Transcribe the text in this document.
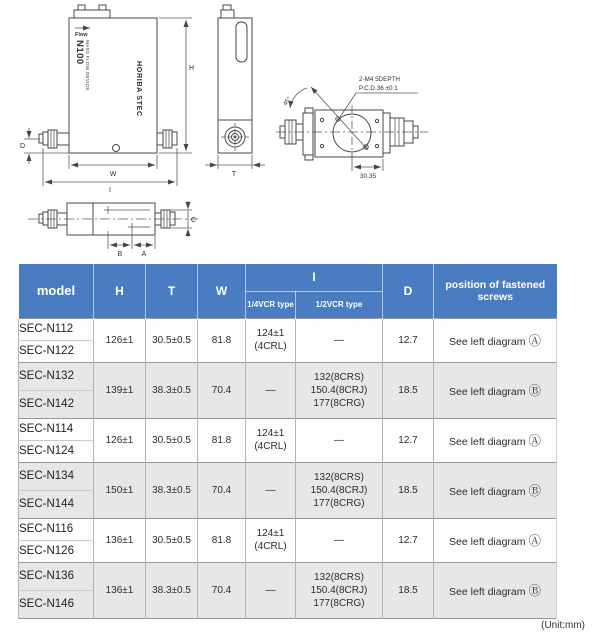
Flow
N100 MASS FLOW DEVICE	HORIBA STEC	H
D
W
I
T
45°
2-M4 5DEPTH
P.C.D.36 ±0.1
30.35
C
B	A
model	H	T	W	I		D	position of fastened
screws

				1/4VCR type	1/2VCR type		
SEC-N112	126±1	30.5±0.5	81.8	124±1
(4CRL)	—	12.7	See left diagram Ⓐ
SEC-N122							
SEC-N132	139±1	38.3±0.5	70.4	—	132(8CRS)
150.4(8CRJ)
177(8CRG)	18.5	See left diagram Ⓑ
SEC-N142							
SEC-N114	126±1	30.5±0.5	81.8	124±1
(4CRL)	—	12.7	See left diagram Ⓐ
SEC-N124							
SEC-N134	150±1	38.3±0.5	70.4	—	132(8CRS)
150.4(8CRJ)
177(8CRG)	18.5	See left diagram Ⓑ
SEC-N144							
SEC-N116	136±1	30.5±0.5	81.8	124±1
(4CRL)	—	12.7	See left diagram Ⓐ
SEC-N126							
SEC-N136	136±1	38.3±0.5	70.4	—	132(8CRS)
150.4(8CRJ)
177(8CRG)	18.5	See left diagram Ⓑ
SEC-N146							
(Unit:mm)
